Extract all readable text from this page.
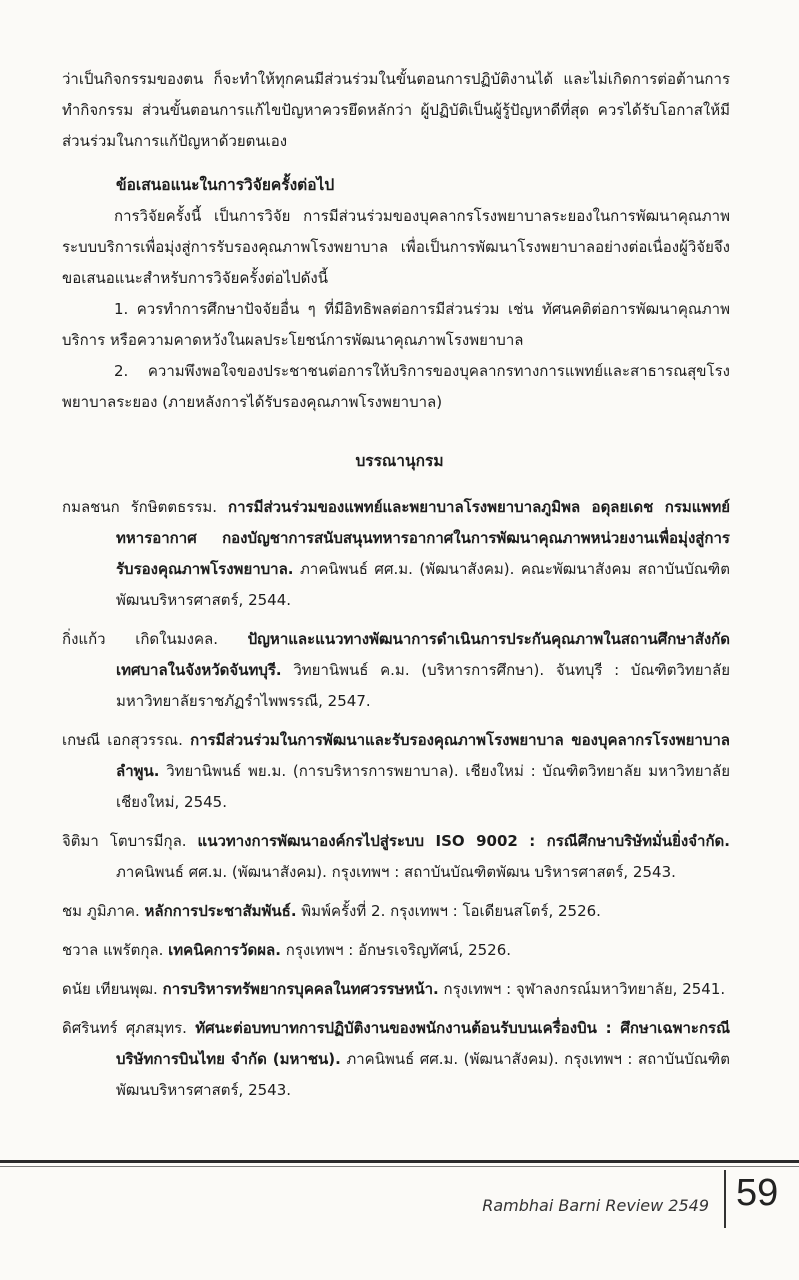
ว่าเป็นกิจกรรมของตน ก็จะทำให้ทุกคนมีส่วนร่วมในขั้นตอนการปฏิบัติงานได้ และไม่เกิดการต่อต้านการทำกิจกรรม ส่วนขั้นตอนการแก้ไขปัญหาควรยึดหลักว่า ผู้ปฏิบัติเป็นผู้รู้ปัญหาดีที่สุด ควรได้รับโอกาสให้มีส่วนร่วมในการแก้ปัญหาด้วยตนเอง

ข้อเสนอแนะในการวิจัยครั้งต่อไป

การวิจัยครั้งนี้ เป็นการวิจัย การมีส่วนร่วมของบุคลากรโรงพยาบาลระยองในการพัฒนาคุณภาพระบบบริการเพื่อมุ่งสู่การรับรองคุณภาพโรงพยาบาล เพื่อเป็นการพัฒนาโรงพยาบาลอย่างต่อเนื่องผู้วิจัยจึงขอเสนอแนะสำหรับการวิจัยครั้งต่อไปดังนี้

1. ควรทำการศึกษาปัจจัยอื่น ๆ ที่มีอิทธิพลต่อการมีส่วนร่วม เช่น ทัศนคติต่อการพัฒนาคุณภาพบริการ หรือความคาดหวังในผลประโยชน์การพัฒนาคุณภาพโรงพยาบาล

2. ความพึงพอใจของประชาชนต่อการให้บริการของบุคลากรทางการแพทย์และสาธารณสุขโรงพยาบาลระยอง (ภายหลังการได้รับรองคุณภาพโรงพยาบาล)

บรรณานุกรม

กมลชนก รักษิตตธรรม. การมีส่วนร่วมของแพทย์และพยาบาลโรงพยาบาลภูมิพล อดุลยเดช กรมแพทย์ทหารอากาศ กองบัญชาการสนับสนุนทหารอากาศในการพัฒนาคุณภาพหน่วยงานเพื่อมุ่งสู่การรับรองคุณภาพโรงพยาบาล. ภาคนิพนธ์ ศศ.ม. (พัฒนาสังคม). คณะพัฒนาสังคม สถาบันบัณฑิตพัฒนบริหารศาสตร์, 2544.

กิ่งแก้ว เกิดในมงคล. ปัญหาและแนวทางพัฒนาการดำเนินการประกันคุณภาพในสถานศึกษาสังกัดเทศบาลในจังหวัดจันทบุรี. วิทยานิพนธ์ ค.ม. (บริหารการศึกษา). จันทบุรี : บัณฑิตวิทยาลัย มหาวิทยาลัยราชภัฏรำไพพรรณี, 2547.

เกษณี เอกสุวรรณ. การมีส่วนร่วมในการพัฒนาและรับรองคุณภาพโรงพยาบาล ของบุคลากรโรงพยาบาลลำพูน. วิทยานิพนธ์ พย.ม. (การบริหารการพยาบาล). เชียงใหม่ : บัณฑิตวิทยาลัย มหาวิทยาลัยเชียงใหม่, 2545.

จิติมา โตบารมีกุล. แนวทางการพัฒนาองค์กรไปสู่ระบบ ISO 9002 : กรณีศึกษาบริษัทมั่นยิ่งจำกัด. ภาคนิพนธ์ ศศ.ม. (พัฒนาสังคม). กรุงเทพฯ : สถาบันบัณฑิตพัฒน บริหารศาสตร์, 2543.

ชม ภูมิภาค. หลักการประชาสัมพันธ์. พิมพ์ครั้งที่ 2. กรุงเทพฯ : โอเดียนสโตร์, 2526.

ชวาล แพรัตกุล. เทคนิคการวัดผล. กรุงเทพฯ : อักษรเจริญทัศน์, 2526.

ดนัย เทียนพุฒ. การบริหารทรัพยากรบุคคลในทศวรรษหน้า. กรุงเทพฯ : จุฬาลงกรณ์มหาวิทยาลัย, 2541.

ดิศรินทร์ ศุภสมุทร. ทัศนะต่อบทบาทการปฏิบัติงานของพนักงานต้อนรับบนเครื่องบิน : ศึกษาเฉพาะกรณี บริษัทการบินไทย จำกัด (มหาชน). ภาคนิพนธ์ ศศ.ม. (พัฒนาสังคม). กรุงเทพฯ : สถาบันบัณฑิตพัฒนบริหารศาสตร์, 2543.

Rambhai Barni Review 2549 59
